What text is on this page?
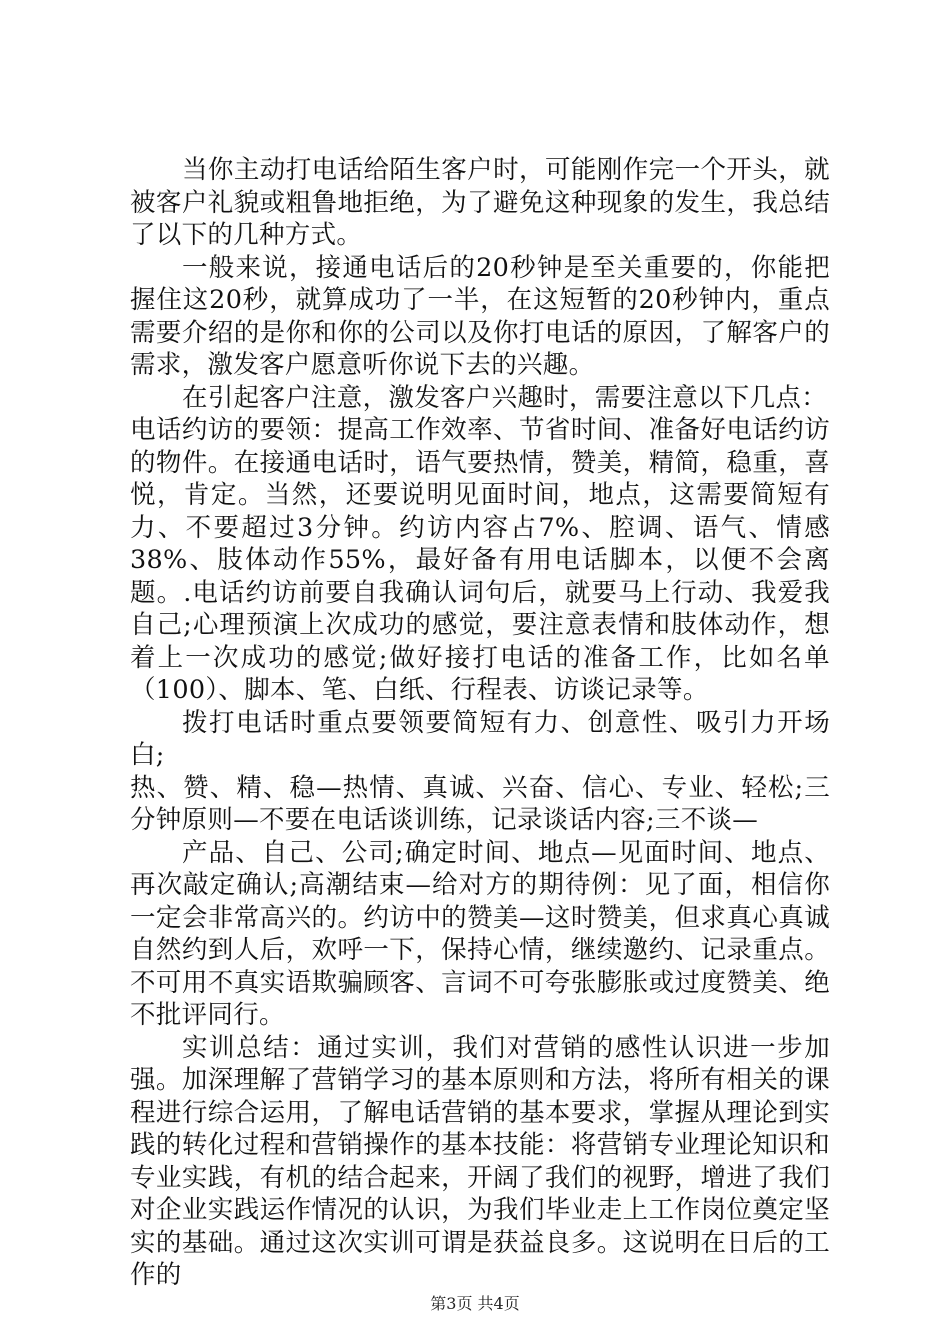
当你主动打电话给陌生客户时，可能刚作完一个开头，就被客户礼貌或粗鲁地拒绝，为了避免这种现象的发生，我总结了以下的几种方式。

一般来说，接通电话后的20秒钟是至关重要的，你能把握住这20秒，就算成功了一半，在这短暂的20秒钟内，重点需要介绍的是你和你的公司以及你打电话的原因，了解客户的需求，激发客户愿意听你说下去的兴趣。

在引起客户注意，激发客户兴趣时，需要注意以下几点：

电话约访的要领：提高工作效率、节省时间、准备好电话约访的物件。在接通电话时，语气要热情，赞美，精简，稳重，喜悦，肯定。当然，还要说明见面时间，地点，这需要简短有力、不要超过3分钟。约访内容占7%、腔调、语气、情感38%、肢体动作55%，最好备有用电话脚本，以便不会离题。.电话约访前要自我确认词句后，就要马上行动、我爱我自己;心理预演上次成功的感觉，要注意表情和肢体动作，想着上一次成功的感觉;做好接打电话的准备工作，比如名单（100）、脚本、笔、白纸、行程表、访谈记录等。

拨打电话时重点要领要简短有力、创意性、吸引力开场白;

热、赞、精、稳—热情、真诚、兴奋、信心、专业、轻松;三分钟原则—不要在电话谈训练，记录谈话内容;三不谈—

产品、自己、公司;确定时间、地点—见面时间、地点、再次敲定确认;高潮结束—给对方的期待例：见了面，相信你一定会非常高兴的。约访中的赞美—这时赞美，但求真心真诚自然约到人后，欢呼一下，保持心情，继续邀约、记录重点。不可用不真实语欺骗顾客、言词不可夸张膨胀或过度赞美、绝不批评同行。

实训总结：通过实训，我们对营销的感性认识进一步加强。加深理解了营销学习的基本原则和方法，将所有相关的课程进行综合运用，了解电话营销的基本要求，掌握从理论到实践的转化过程和营销操作的基本技能：将营销专业理论知识和专业实践，有机的结合起来，开阔了我们的视野，增进了我们对企业实践运作情况的认识，为我们毕业走上工作岗位奠定坚实的基础。通过这次实训可谓是获益良多。这说明在日后的工作的

第3页 共4页
